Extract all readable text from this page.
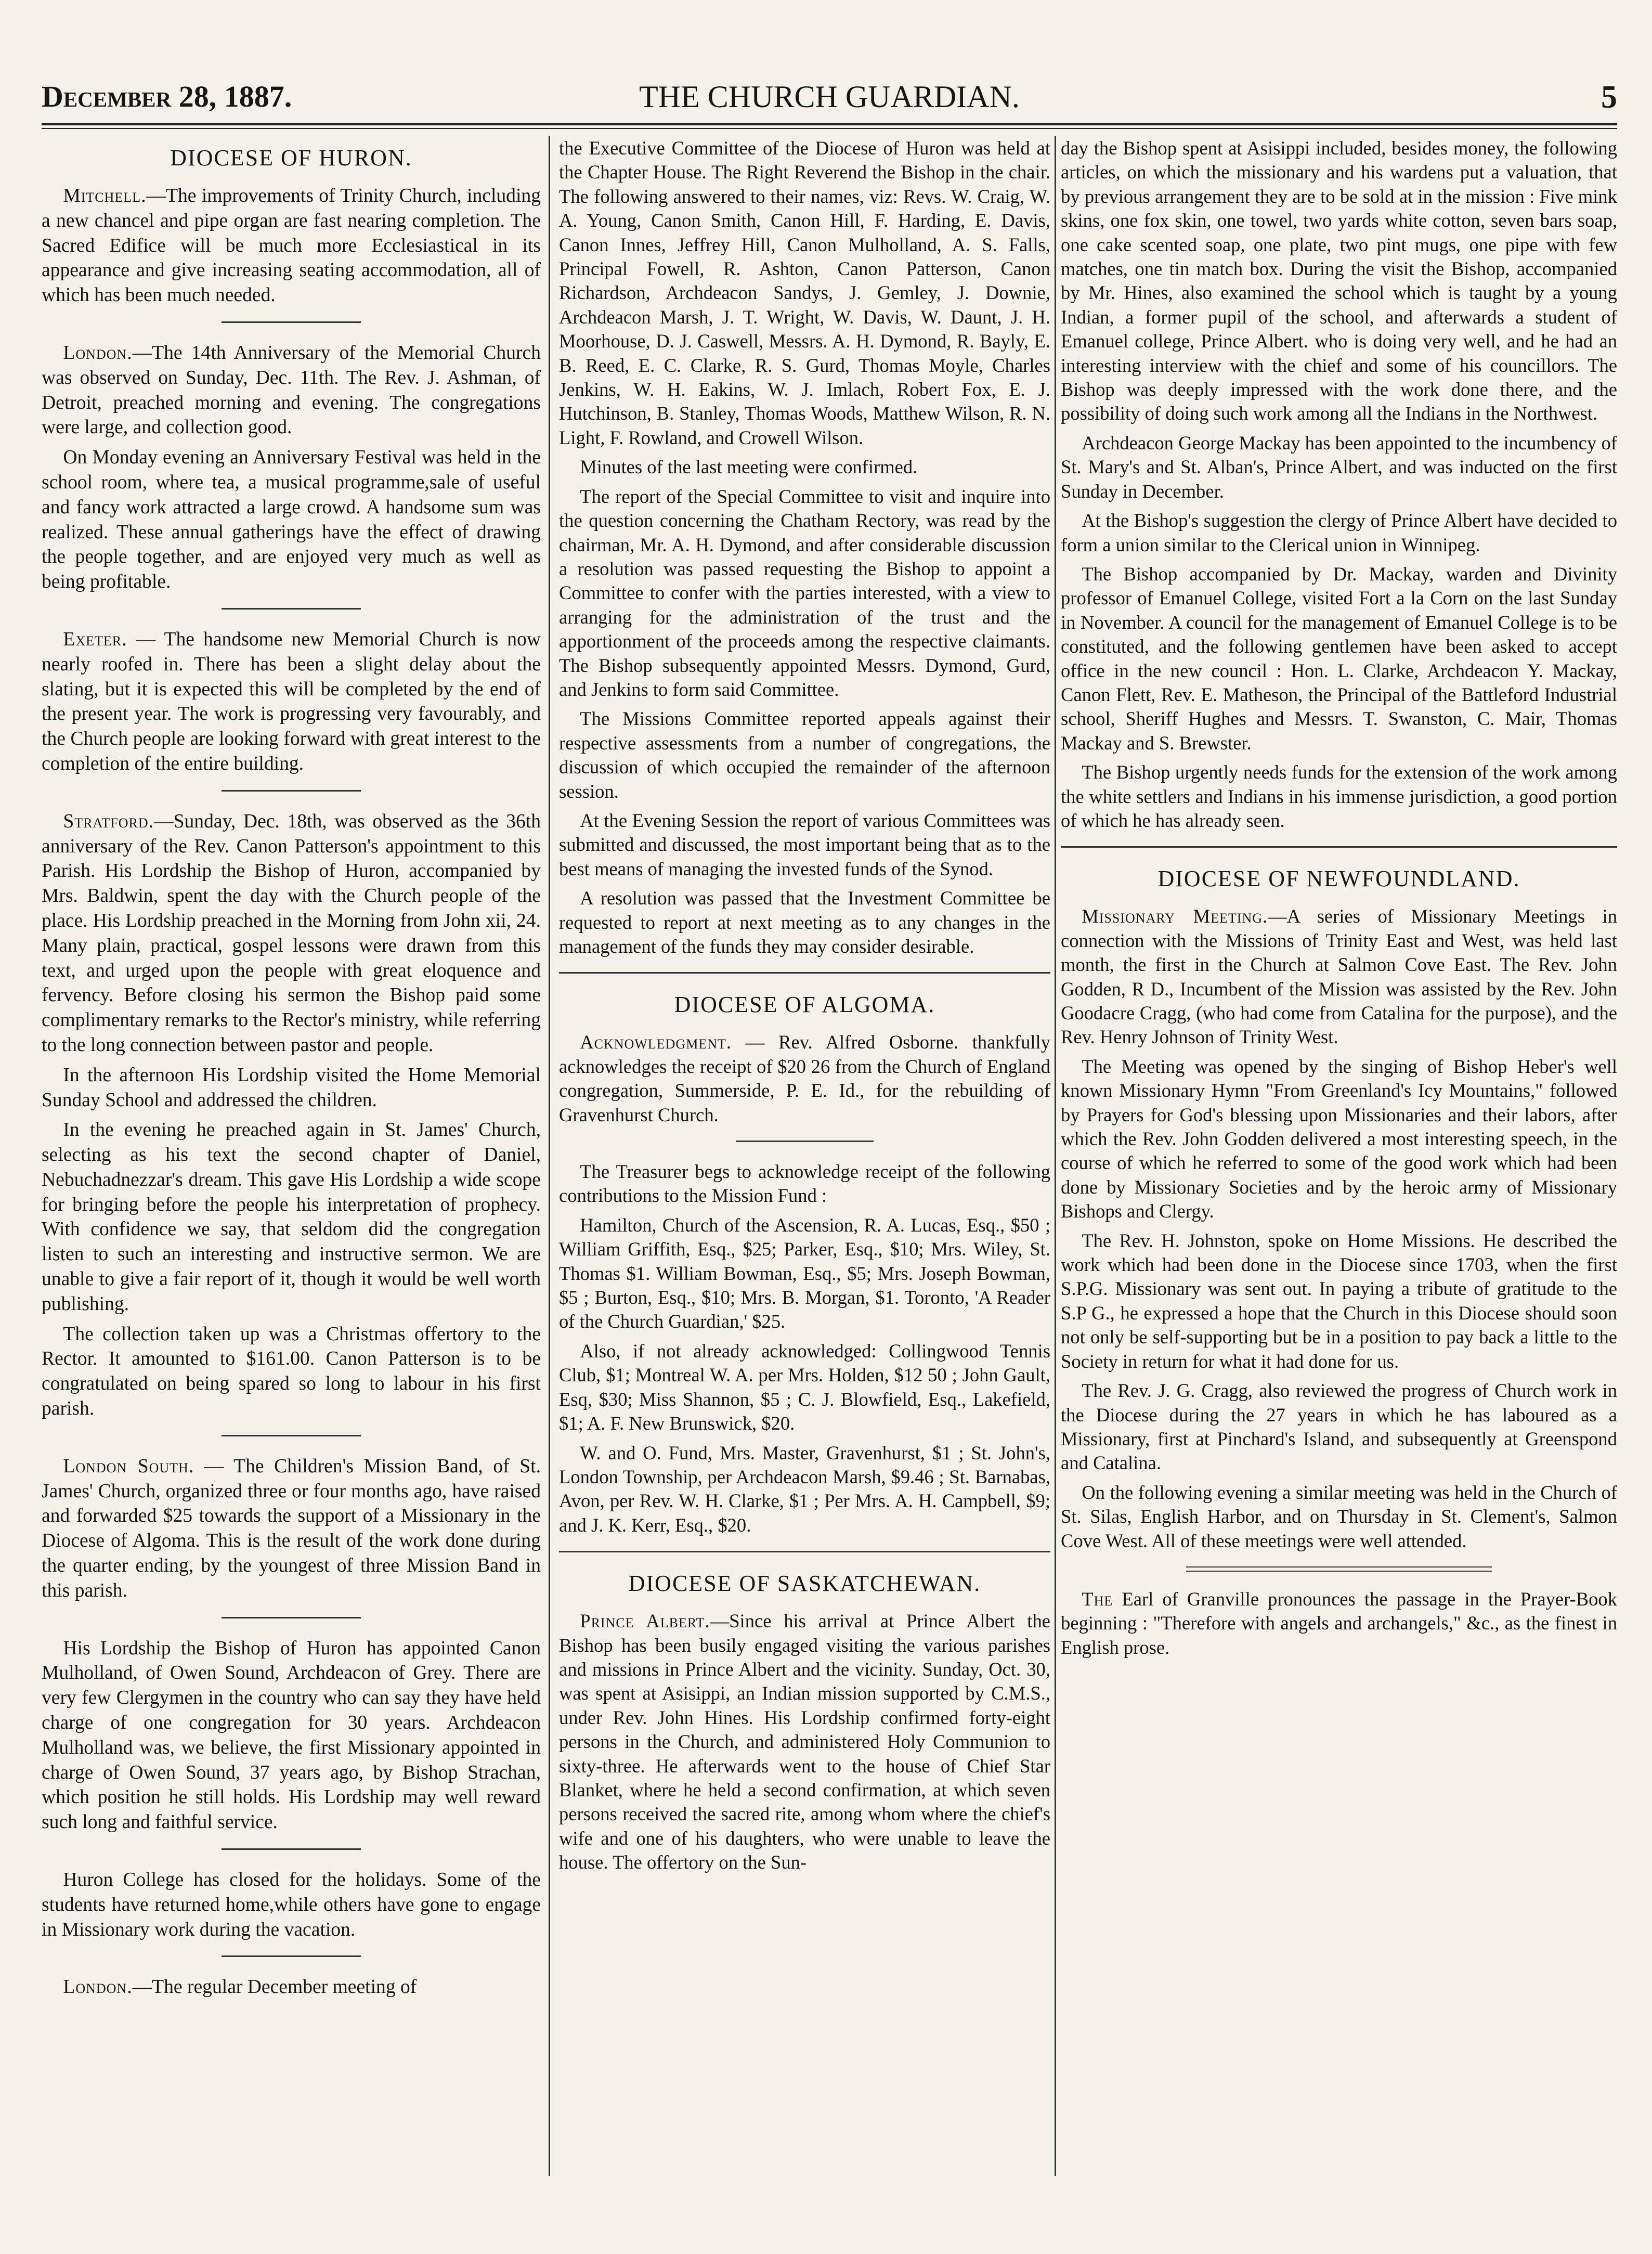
December 28, 1887.	THE CHURCH GUARDIAN.	5
DIOCESE OF HURON.

Mitchell.—The improvements of Trinity Church, including a new chancel and pipe organ are fast nearing completion. The Sacred Edifice will be much more Ecclesiastical in its appearance and give increasing seating accommodation, all of which has been much needed.

London.—The 14th Anniversary of the Memorial Church was observed on Sunday, Dec. 11th. The Rev. J. Ashman, of Detroit, preached morning and evening. The congregations were large, and collection good.

On Monday evening an Anniversary Festival was held in the school room, where tea, a musical programme,sale of useful and fancy work attracted a large crowd. A handsome sum was realized. These annual gatherings have the effect of drawing the people together, and are enjoyed very much as well as being profitable.

Exeter. — The handsome new Memorial Church is now nearly roofed in. There has been a slight delay about the slating, but it is expected this will be completed by the end of the present year. The work is progressing very favourably, and the Church people are looking forward with great interest to the completion of the entire building.

Stratford.—Sunday, Dec. 18th, was observed as the 36th anniversary of the Rev. Canon Patterson's appointment to this Parish. His Lordship the Bishop of Huron, accompanied by Mrs. Baldwin, spent the day with the Church people of the place. His Lordship preached in the Morning from John xii, 24. Many plain, practical, gospel lessons were drawn from this text, and urged upon the people with great eloquence and fervency. Before closing his sermon the Bishop paid some complimentary remarks to the Rector's ministry, while referring to the long connection between pastor and people.

In the afternoon His Lordship visited the Home Memorial Sunday School and addressed the children.

In the evening he preached again in St. James' Church, selecting as his text the second chapter of Daniel, Nebuchadnezzar's dream. This gave His Lordship a wide scope for bringing before the people his interpretation of prophecy. With confidence we say, that seldom did the congregation listen to such an interesting and instructive sermon. We are unable to give a fair report of it, though it would be well worth publishing.

The collection taken up was a Christmas offertory to the Rector. It amounted to $161.00. Canon Patterson is to be congratulated on being spared so long to labour in his first parish.

London South. — The Children's Mission Band, of St. James' Church, organized three or four months ago, have raised and forwarded $25 towards the support of a Missionary in the Diocese of Algoma. This is the result of the work done during the quarter ending, by the youngest of three Mission Band in this parish.

His Lordship the Bishop of Huron has appointed Canon Mulholland, of Owen Sound, Archdeacon of Grey. There are very few Clergymen in the country who can say they have held charge of one congregation for 30 years. Archdeacon Mulholland was, we believe, the first Missionary appointed in charge of Owen Sound, 37 years ago, by Bishop Strachan, which position he still holds. His Lordship may well reward such long and faithful service.

Huron College has closed for the holidays. Some of the students have returned home,while others have gone to engage in Missionary work during the vacation.

London.—The regular December meeting of

the Executive Committee of the Diocese of Huron was held at the Chapter House. The Right Reverend the Bishop in the chair. The following answered to their names, viz: Revs. W. Craig, W. A. Young, Canon Smith, Canon Hill, F. Harding, E. Davis, Canon Innes, Jeffrey Hill, Canon Mulholland, A. S. Falls, Principal Fowell, R. Ashton, Canon Patterson, Canon Richardson, Archdeacon Sandys, J. Gemley, J. Downie, Archdeacon Marsh, J. T. Wright, W. Davis, W. Daunt, J. H. Moorhouse, D. J. Caswell, Messrs. A. H. Dymond, R. Bayly, E. B. Reed, E. C. Clarke, R. S. Gurd, Thomas Moyle, Charles Jenkins, W. H. Eakins, W. J. Imlach, Robert Fox, E. J. Hutchinson, B. Stanley, Thomas Woods, Matthew Wilson, R. N. Light, F. Rowland, and Crowell Wilson.

Minutes of the last meeting were confirmed.

The report of the Special Committee to visit and inquire into the question concerning the Chatham Rectory, was read by the chairman, Mr. A. H. Dymond, and after considerable discussion a resolution was passed requesting the Bishop to appoint a Committee to confer with the parties interested, with a view to arranging for the administration of the trust and the apportionment of the proceeds among the respective claimants. The Bishop subsequently appointed Messrs. Dymond, Gurd, and Jenkins to form said Committee.

The Missions Committee reported appeals against their respective assessments from a number of congregations, the discussion of which occupied the remainder of the afternoon session.

At the Evening Session the report of various Committees was submitted and discussed, the most important being that as to the best means of managing the invested funds of the Synod.

A resolution was passed that the Investment Committee be requested to report at next meeting as to any changes in the management of the funds they may consider desirable.

DIOCESE OF ALGOMA.

Acknowledgment. — Rev. Alfred Osborne. thankfully acknowledges the receipt of $20 26 from the Church of England congregation, Summerside, P. E. Id., for the rebuilding of Gravenhurst Church.

The Treasurer begs to acknowledge receipt of the following contributions to the Mission Fund :

Hamilton, Church of the Ascension, R. A. Lucas, Esq., $50 ; William Griffith, Esq., $25; Parker, Esq., $10; Mrs. Wiley, St. Thomas $1. William Bowman, Esq., $5; Mrs. Joseph Bowman, $5 ; Burton, Esq., $10; Mrs. B. Morgan, $1. Toronto, 'A Reader of the Church Guardian,' $25.

Also, if not already acknowledged: Collingwood Tennis Club, $1; Montreal W. A. per Mrs. Holden, $12 50 ; John Gault, Esq, $30; Miss Shannon, $5 ; C. J. Blowfield, Esq., Lakefield, $1; A. F. New Brunswick, $20.

W. and O. Fund, Mrs. Master, Gravenhurst, $1 ; St. John's, London Township, per Archdeacon Marsh, $9.46 ; St. Barnabas, Avon, per Rev. W. H. Clarke, $1 ; Per Mrs. A. H. Campbell, $9; and J. K. Kerr, Esq., $20.

DIOCESE OF SASKATCHEWAN.

Prince Albert.—Since his arrival at Prince Albert the Bishop has been busily engaged visiting the various parishes and missions in Prince Albert and the vicinity. Sunday, Oct. 30, was spent at Asisippi, an Indian mission supported by C.M.S., under Rev. John Hines. His Lordship confirmed forty-eight persons in the Church, and administered Holy Communion to sixty-three. He afterwards went to the house of Chief Star Blanket, where he held a second confirmation, at which seven persons received the sacred rite, among whom where the chief's wife and one of his daughters, who were unable to leave the house. The offertory on the Sun-

day the Bishop spent at Asisippi included, besides money, the following articles, on which the missionary and his wardens put a valuation, that by previous arrangement they are to be sold at in the mission : Five mink skins, one fox skin, one towel, two yards white cotton, seven bars soap, one cake scented soap, one plate, two pint mugs, one pipe with few matches, one tin match box. During the visit the Bishop, accompanied by Mr. Hines, also examined the school which is taught by a young Indian, a former pupil of the school, and afterwards a student of Emanuel college, Prince Albert. who is doing very well, and he had an interesting interview with the chief and some of his councillors. The Bishop was deeply impressed with the work done there, and the possibility of doing such work among all the Indians in the Northwest.

Archdeacon George Mackay has been appointed to the incumbency of St. Mary's and St. Alban's, Prince Albert, and was inducted on the first Sunday in December.

At the Bishop's suggestion the clergy of Prince Albert have decided to form a union similar to the Clerical union in Winnipeg.

The Bishop accompanied by Dr. Mackay, warden and Divinity professor of Emanuel College, visited Fort a la Corn on the last Sunday in November. A council for the management of Emanuel College is to be constituted, and the following gentlemen have been asked to accept office in the new council : Hon. L. Clarke, Archdeacon Y. Mackay, Canon Flett, Rev. E. Matheson, the Principal of the Battleford Industrial school, Sheriff Hughes and Messrs. T. Swanston, C. Mair, Thomas Mackay and S. Brewster.

The Bishop urgently needs funds for the extension of the work among the white settlers and Indians in his immense jurisdiction, a good portion of which he has already seen.

DIOCESE OF NEWFOUNDLAND.

Missionary Meeting.—A series of Missionary Meetings in connection with the Missions of Trinity East and West, was held last month, the first in the Church at Salmon Cove East. The Rev. John Godden, R D., Incumbent of the Mission was assisted by the Rev. John Goodacre Cragg, (who had come from Catalina for the purpose), and the Rev. Henry Johnson of Trinity West.

The Meeting was opened by the singing of Bishop Heber's well known Missionary Hymn "From Greenland's Icy Mountains," followed by Prayers for God's blessing upon Missionaries and their labors, after which the Rev. John Godden delivered a most interesting speech, in the course of which he referred to some of the good work which had been done by Missionary Societies and by the heroic army of Missionary Bishops and Clergy.

The Rev. H. Johnston, spoke on Home Missions. He described the work which had been done in the Diocese since 1703, when the first S.P.G. Missionary was sent out. In paying a tribute of gratitude to the S.P G., he expressed a hope that the Church in this Diocese should soon not only be self-supporting but be in a position to pay back a little to the Society in return for what it had done for us.

The Rev. J. G. Cragg, also reviewed the progress of Church work in the Diocese during the 27 years in which he has laboured as a Missionary, first at Pinchard's Island, and subsequently at Greenspond and Catalina.

On the following evening a similar meeting was held in the Church of St. Silas, English Harbor, and on Thursday in St. Clement's, Salmon Cove West. All of these meetings were well attended.

The Earl of Granville pronounces the passage in the Prayer-Book beginning : "Therefore with angels and archangels," &c., as the finest in English prose.
